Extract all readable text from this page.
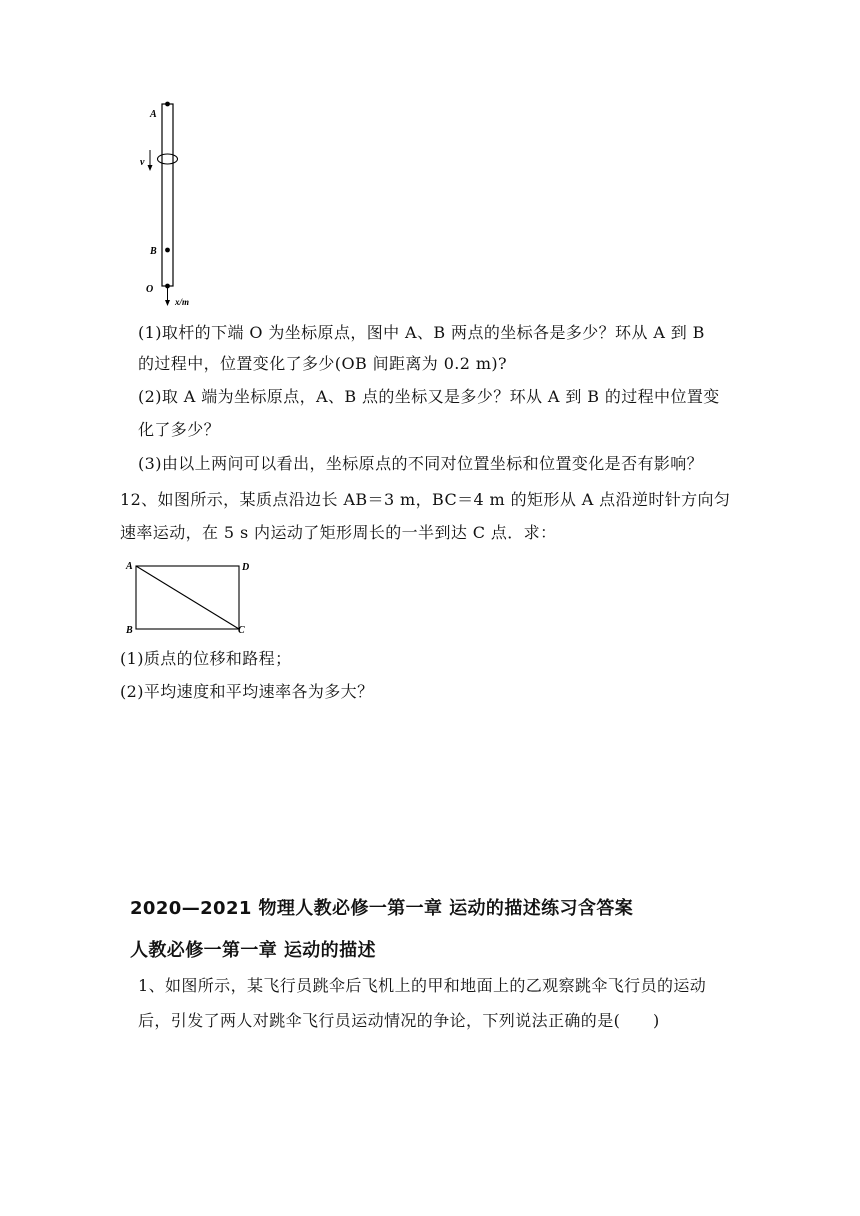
A
v
B
O
x/m
(1)取杆的下端 O 为坐标原点，图中 A、B 两点的坐标各是多少？环从 A 到 B
的过程中，位置变化了多少(OB 间距离为 0.2 m)?
(2)取 A 端为坐标原点，A、B 点的坐标又是多少？环从 A 到 B 的过程中位置变
化了多少？
(3)由以上两问可以看出，坐标原点的不同对位置坐标和位置变化是否有影响？
12、如图所示，某质点沿边长 AB＝3 m，BC＝4 m 的矩形从 A 点沿逆时针方向匀
速率运动，在 5 s 内运动了矩形周长的一半到达 C 点．求：
A	D
B	C
(1)质点的位移和路程；
(2)平均速度和平均速率各为多大？
2020—2021 物理人教必修一第一章 运动的描述练习含答案
人教必修一第一章 运动的描述
1、如图所示，某飞行员跳伞后飞机上的甲和地面上的乙观察跳伞飞行员的运动
后，引发了两人对跳伞飞行员运动情况的争论，下列说法正确的是(　　)
